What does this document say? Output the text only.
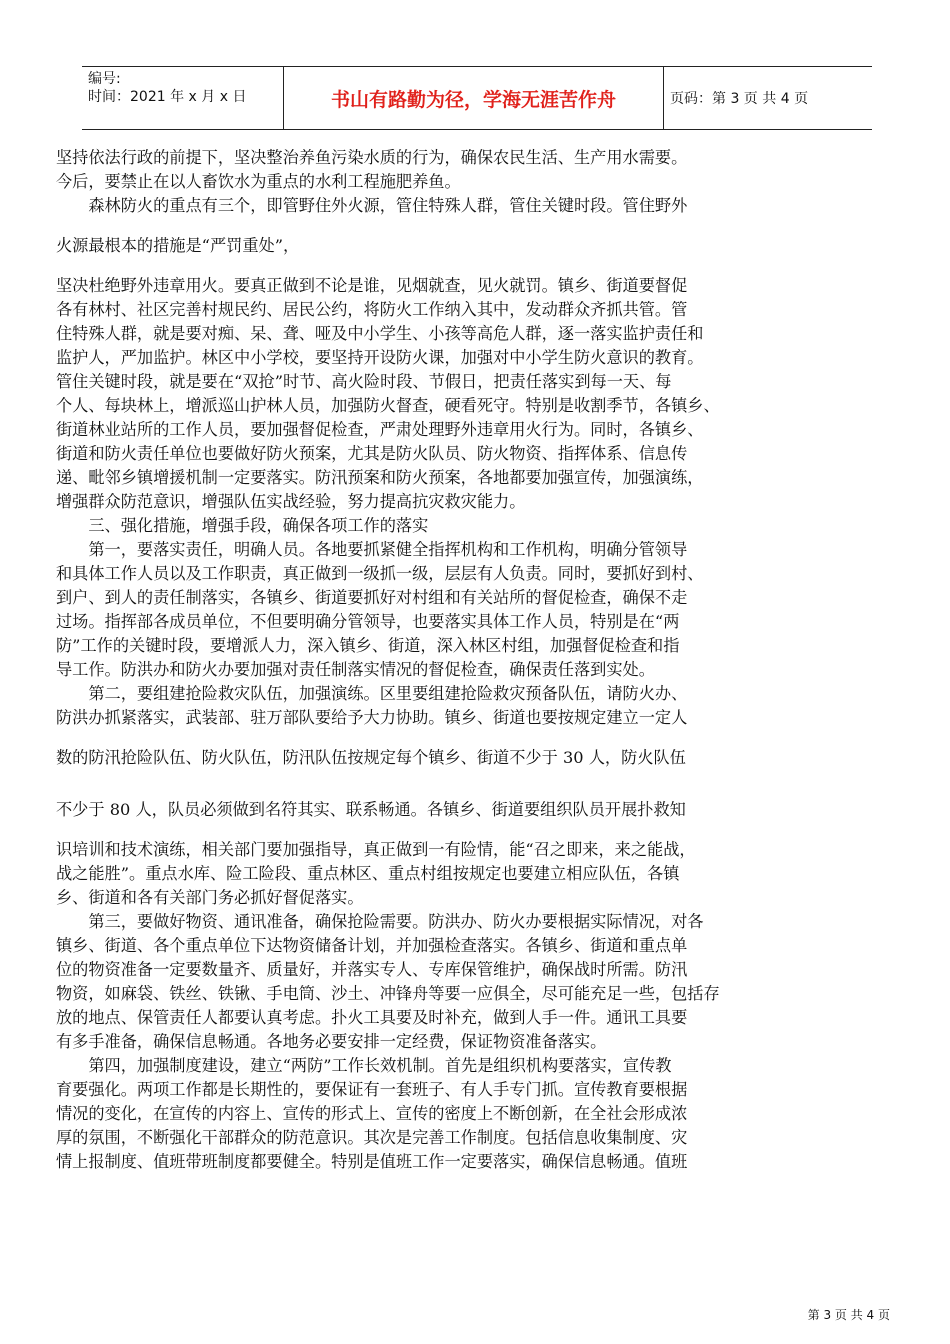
编号:
时间：2021 年 x 月 x 日	书山有路勤为径，学海无涯苦作舟	页码：第 3 页 共 4 页
坚持依法行政的前提下，坚决整治养鱼污染水质的行为，确保农民生活、生产用水需要。
今后，要禁止在以人畜饮水为重点的水利工程施肥养鱼。
　　森林防火的重点有三个，即管野住外火源，管住特殊人群，管住关键时段。管住野外
火源最根本的措施是“严罚重处”，
坚决杜绝野外违章用火。要真正做到不论是谁，见烟就查，见火就罚。镇乡、街道要督促
各有林村、社区完善村规民约、居民公约，将防火工作纳入其中，发动群众齐抓共管。管
住特殊人群，就是要对痴、呆、聋、哑及中小学生、小孩等高危人群，逐一落实监护责任和
监护人，严加监护。林区中小学校，要坚持开设防火课，加强对中小学生防火意识的教育。
管住关键时段，就是要在“双抢”时节、高火险时段、节假日，把责任落实到每一天、每
个人、每块林上，增派巡山护林人员，加强防火督查，硬看死守。特别是收割季节，各镇乡、
街道林业站所的工作人员，要加强督促检查，严肃处理野外违章用火行为。同时，各镇乡、
街道和防火责任单位也要做好防火预案，尤其是防火队员、防火物资、指挥体系、信息传
递、毗邻乡镇增援机制一定要落实。防汛预案和防火预案，各地都要加强宣传，加强演练，
增强群众防范意识，增强队伍实战经验，努力提高抗灾救灾能力。
　　三、强化措施，增强手段，确保各项工作的落实
　　第一，要落实责任，明确人员。各地要抓紧健全指挥机构和工作机构，明确分管领导
和具体工作人员以及工作职责，真正做到一级抓一级，层层有人负责。同时，要抓好到村、
到户、到人的责任制落实，各镇乡、街道要抓好对村组和有关站所的督促检查，确保不走
过场。指挥部各成员单位，不但要明确分管领导，也要落实具体工作人员，特别是在“两
防”工作的关键时段，要增派人力，深入镇乡、街道，深入林区村组，加强督促检查和指
导工作。防洪办和防火办要加强对责任制落实情况的督促检查，确保责任落到实处。
　　第二，要组建抢险救灾队伍，加强演练。区里要组建抢险救灾预备队伍，请防火办、
防洪办抓紧落实，武装部、驻万部队要给予大力协助。镇乡、街道也要按规定建立一定人
数的防汛抢险队伍、防火队伍，防汛队伍按规定每个镇乡、街道不少于 30 人，防火队伍
不少于 80 人，队员必须做到名符其实、联系畅通。各镇乡、街道要组织队员开展扑救知
识培训和技术演练，相关部门要加强指导，真正做到一有险情，能“召之即来，来之能战，
战之能胜”。重点水库、险工险段、重点林区、重点村组按规定也要建立相应队伍，各镇
乡、街道和各有关部门务必抓好督促落实。
　　第三，要做好物资、通讯准备，确保抢险需要。防洪办、防火办要根据实际情况，对各
镇乡、街道、各个重点单位下达物资储备计划，并加强检查落实。各镇乡、街道和重点单
位的物资准备一定要数量齐、质量好，并落实专人、专库保管维护，确保战时所需。防汛
物资，如麻袋、铁丝、铁锹、手电筒、沙土、冲锋舟等要一应俱全，尽可能充足一些，包括存
放的地点、保管责任人都要认真考虑。扑火工具要及时补充，做到人手一件。通讯工具要
有多手准备，确保信息畅通。各地务必要安排一定经费，保证物资准备落实。
　　第四，加强制度建设，建立“两防”工作长效机制。首先是组织机构要落实，宣传教
育要强化。两项工作都是长期性的，要保证有一套班子、有人手专门抓。宣传教育要根据
情况的变化，在宣传的内容上、宣传的形式上、宣传的密度上不断创新，在全社会形成浓
厚的氛围，不断强化干部群众的防范意识。其次是完善工作制度。包括信息收集制度、灾
情上报制度、值班带班制度都要健全。特别是值班工作一定要落实，确保信息畅通。值班
第 3 页 共 4 页
